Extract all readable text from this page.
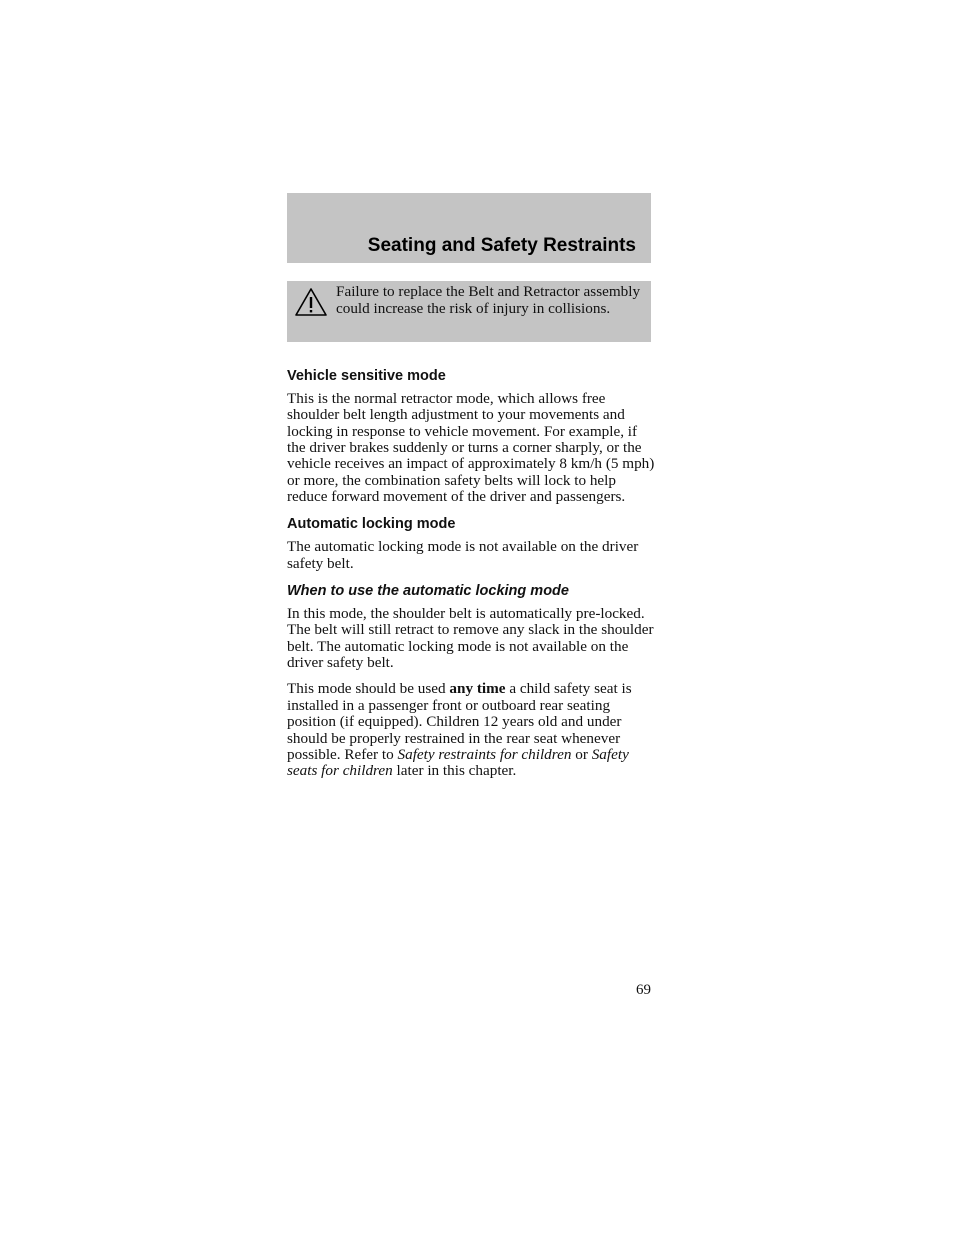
Seating and Safety Restraints

Failure to replace the Belt and Retractor assembly could increase the risk of injury in collisions.

Vehicle sensitive mode

This is the normal retractor mode, which allows free shoulder belt length adjustment to your movements and locking in response to vehicle movement. For example, if the driver brakes suddenly or turns a corner sharply, or the vehicle receives an impact of approximately 8 km/h (5 mph) or more, the combination safety belts will lock to help reduce forward movement of the driver and passengers.

Automatic locking mode

The automatic locking mode is not available on the driver safety belt.

When to use the automatic locking mode

In this mode, the shoulder belt is automatically pre-locked. The belt will still retract to remove any slack in the shoulder belt. The automatic locking mode is not available on the driver safety belt.

This mode should be used any time a child safety seat is installed in a passenger front or outboard rear seating position (if equipped). Children 12 years old and under should be properly restrained in the rear seat whenever possible. Refer to Safety restraints for children or Safety seats for children later in this chapter.

69
